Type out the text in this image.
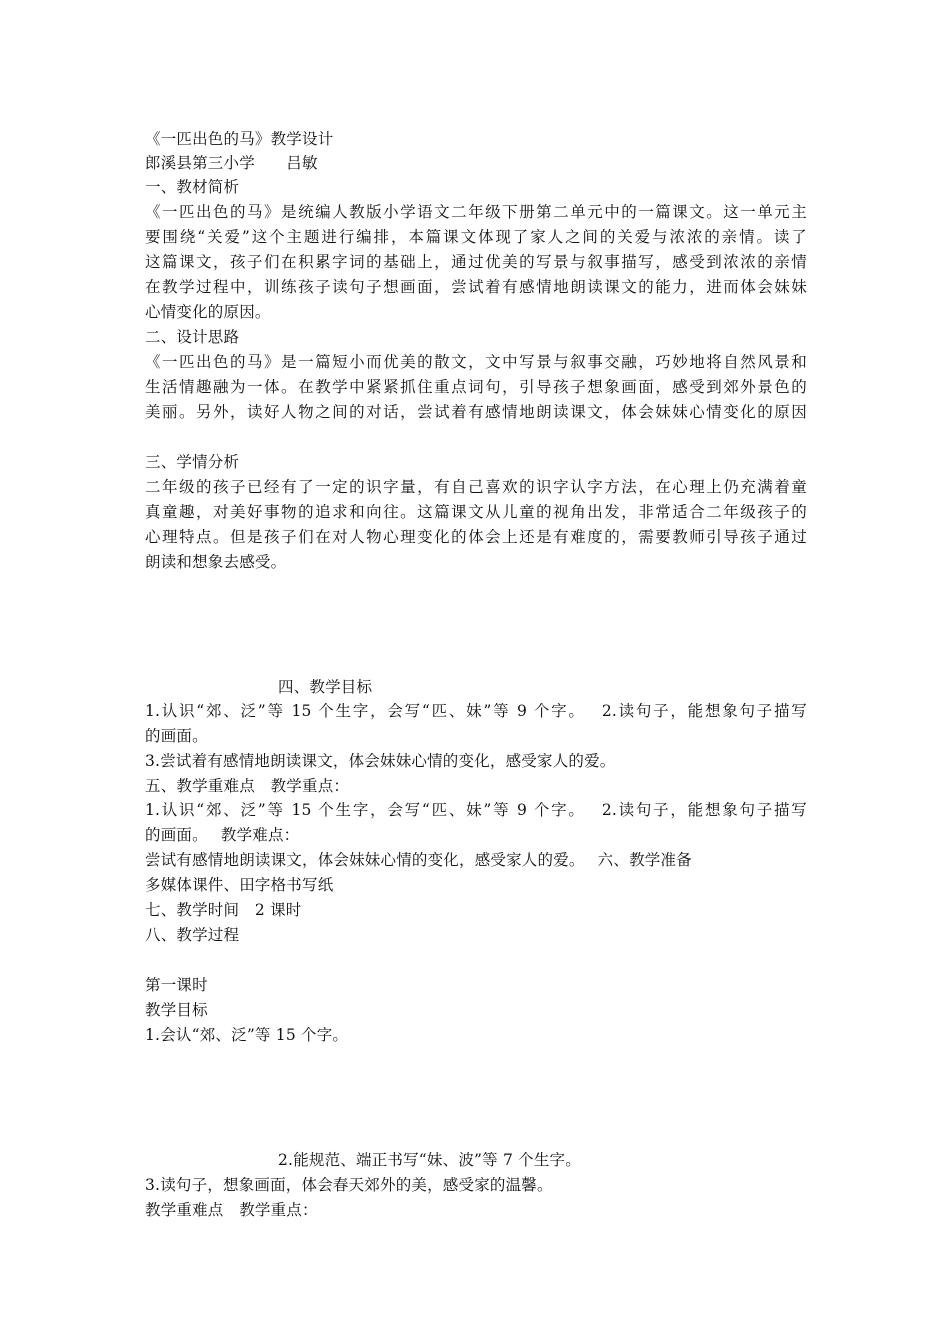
《一匹出色的马》教学设计
郎溪县第三小学　　吕敏
一、教材简析
《一匹出色的马》是统编人教版小学语文二年级下册第二单元中的一篇课文。这一单元主
要围绕“关爱”这个主题进行编排，本篇课文体现了家人之间的关爱与浓浓的亲情。读了
这篇课文，孩子们在积累字词的基础上，通过优美的写景与叙事描写，感受到浓浓的亲情
在教学过程中，训练孩子读句子想画面，尝试着有感情地朗读课文的能力，进而体会妹妹
心情变化的原因。
二、设计思路
《一匹出色的马》是一篇短小而优美的散文，文中写景与叙事交融，巧妙地将自然风景和
生活情趣融为一体。在教学中紧紧抓住重点词句，引导孩子想象画面，感受到郊外景色的
美丽。另外，读好人物之间的对话，尝试着有感情地朗读课文，体会妹妹心情变化的原因
三、学情分析
二年级的孩子已经有了一定的识字量，有自己喜欢的识字认字方法，在心理上仍充满着童
真童趣，对美好事物的追求和向往。这篇课文从儿童的视角出发，非常适合二年级孩子的
心理特点。但是孩子们在对人物心理变化的体会上还是有难度的，需要教师引导孩子通过
朗读和想象去感受。
四、教学目标
1.认识“郊、泛”等 15 个生字，会写“匹、妹”等 9 个字。　 2.读句子，能想象句子描写
的画面。
3.尝试着有感情地朗读课文，体会妹妹心情的变化，感受家人的爱。
五、教学重难点　教学重点：
1.认识“郊、泛”等 15 个生字，会写“匹、妹”等 9 个字。　 2.读句子，能想象句子描写
的画面。　 教学难点：
尝试有感情地朗读课文，体会妹妹心情的变化，感受家人的爱。　 六、教学准备
多媒体课件、田字格书写纸
七、教学时间　2 课时
八、教学过程
第一课时
教学目标
1.会认“郊、泛”等 15 个字。
2.能规范、端正书写“妹、波”等 7 个生字。
3.读句子，想象画面，体会春天郊外的美，感受家的温馨。
教学重难点　教学重点：
